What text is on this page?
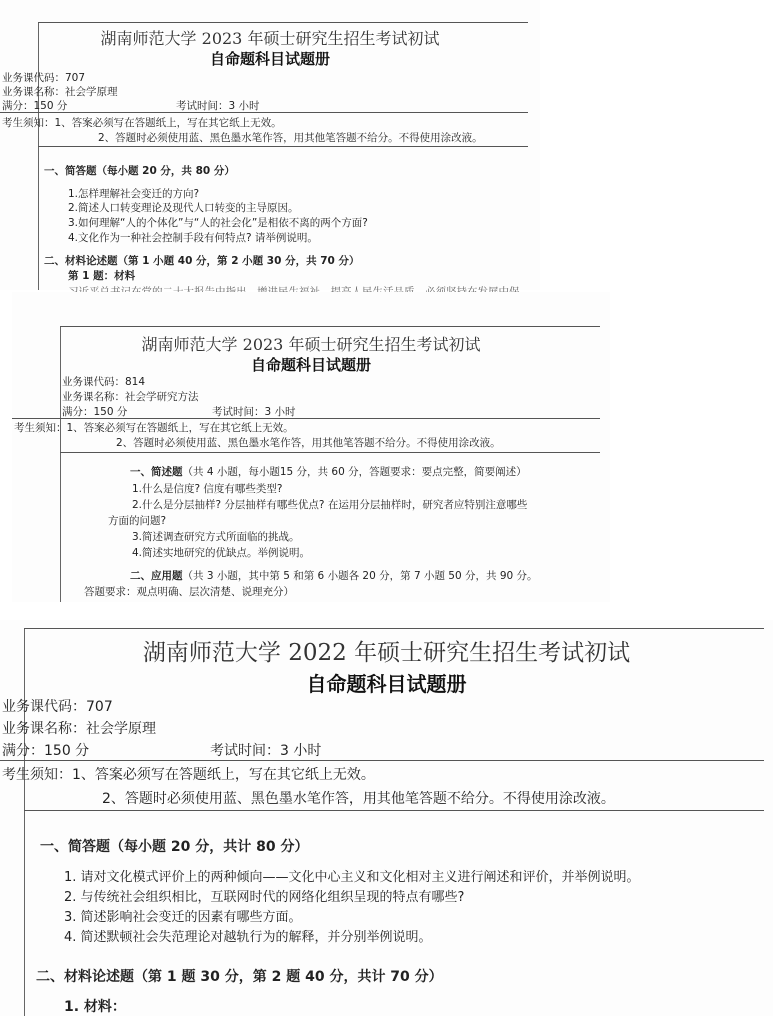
湖南师范大学 2023 年硕士研究生招生考试初试
自命题科目试题册
业务课代码：707
业务课名称：社会学原理
满分：150 分	考试时间：3 小时
考生须知：1、答案必须写在答题纸上，写在其它纸上无效。
2、答题时必须使用蓝、黑色墨水笔作答，用其他笔答题不给分。不得使用涂改液。
一、简答题（每小题 20 分，共 80 分）
1.怎样理解社会变迁的方向?
2.简述人口转变理论及现代人口转变的主导原因。
3.如何理解“人的个体化”与“人的社会化”是相依不离的两个方面?
4.文化作为一种社会控制手段有何特点? 请举例说明。
二、材料论述题（第 1 小题 40 分，第 2 小题 30 分，共 70 分）
第 1 题：材料
湖南师范大学 2023 年硕士研究生招生考试初试
自命题科目试题册
业务课代码：814
业务课名称：社会学研究方法
满分：150 分	考试时间：3 小时
考生须知：1、答案必须写在答题纸上，写在其它纸上无效。
2、答题时必须使用蓝、黑色墨水笔作答，用其他笔答题不给分。不得使用涂改液。
一、简述题（共 4 小题，每小题15 分，共 60 分，答题要求：要点完整，简要阐述）
1.什么是信度? 信度有哪些类型?
2.什么是分层抽样? 分层抽样有哪些优点? 在运用分层抽样时，研究者应特别注意哪些
方面的问题?
3.简述调查研究方式所面临的挑战。
4.简述实地研究的优缺点。举例说明。
二、应用题（共 3 小题，其中第 5 和第 6 小题各 20 分，第 7 小题 50 分，共 90 分。
答题要求：观点明确、层次清楚、说理充分）
湖南师范大学 2022 年硕士研究生招生考试初试
自命题科目试题册
业务课代码：707
业务课名称：社会学原理
满分：150 分	考试时间：3 小时
考生须知：1、答案必须写在答题纸上，写在其它纸上无效。
2、答题时必须使用蓝、黑色墨水笔作答，用其他笔答题不给分。不得使用涂改液。
一、简答题（每小题 20 分，共计 80 分）
1. 请对文化模式评价上的两种倾向——文化中心主义和文化相对主义进行阐述和评价，并举例说明。
2. 与传统社会组织相比，互联网时代的网络化组织呈现的特点有哪些?
3. 简述影响社会变迁的因素有哪些方面。
4. 简述默顿社会失范理论对越轨行为的解释，并分别举例说明。
二、材料论述题（第 1 题 30 分，第 2 题 40 分，共计 70 分）
1. 材料：
